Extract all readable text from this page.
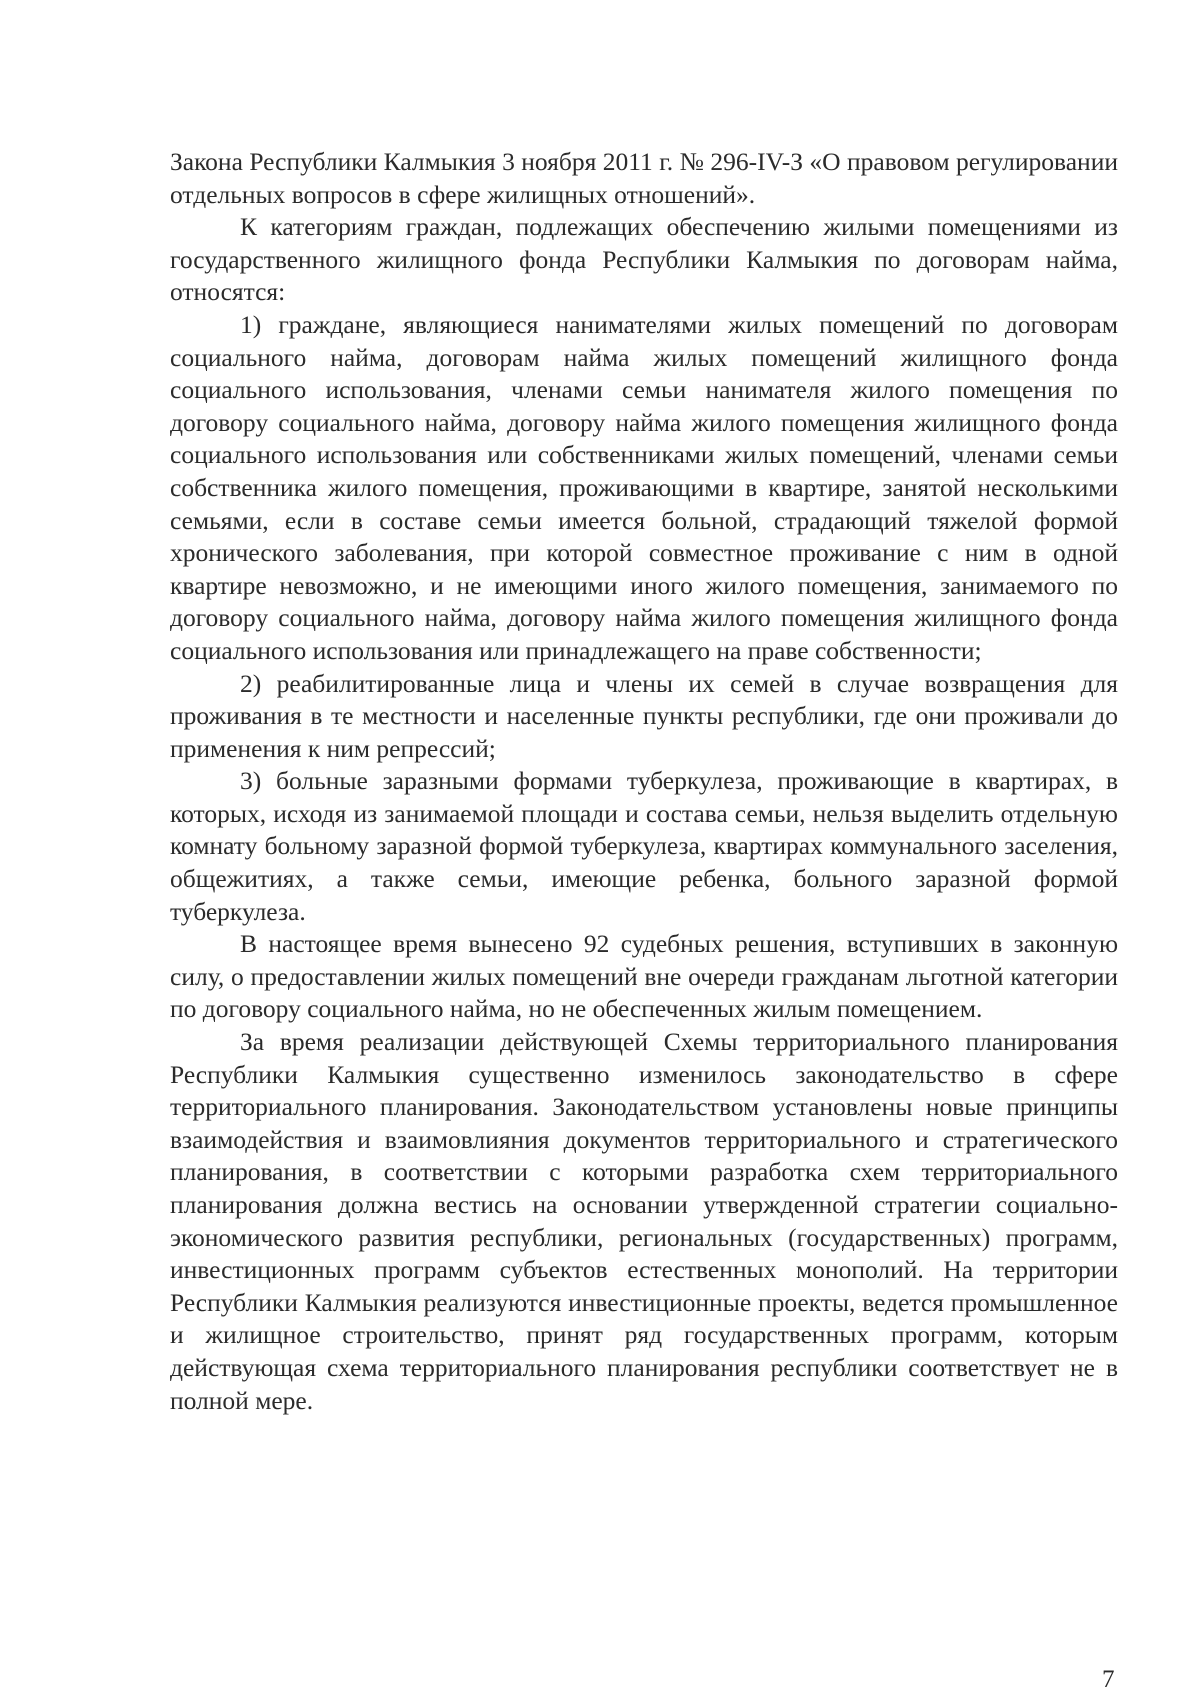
Закона Республики Калмыкия 3 ноября 2011 г. № 296-IV-З «О правовом регулировании отдельных вопросов в сфере жилищных отношений».

К категориям граждан, подлежащих обеспечению жилыми помещениями из государственного жилищного фонда Республики Калмыкия по договорам найма, относятся:

1) граждане, являющиеся нанимателями жилых помещений по договорам социального найма, договорам найма жилых помещений жилищного фонда социального использования, членами семьи нанимателя жилого помещения по договору социального найма, договору найма жилого помещения жилищного фонда социального использования или собственниками жилых помещений, членами семьи собственника жилого помещения, проживающими в квартире, занятой несколькими семьями, если в составе семьи имеется больной, страдающий тяжелой формой хронического заболевания, при которой совместное проживание с ним в одной квартире невозможно, и не имеющими иного жилого помещения, занимаемого по договору социального найма, договору найма жилого помещения жилищного фонда социального использования или принадлежащего на праве собственности;

2) реабилитированные лица и члены их семей в случае возвращения для проживания в те местности и населенные пункты республики, где они проживали до применения к ним репрессий;

3) больные заразными формами туберкулеза, проживающие в квартирах, в которых, исходя из занимаемой площади и состава семьи, нельзя выделить отдельную комнату больному заразной формой туберкулеза, квартирах коммунального заселения, общежитиях, а также семьи, имеющие ребенка, больного заразной формой туберкулеза.

В настоящее время вынесено 92 судебных решения, вступивших в законную силу, о предоставлении жилых помещений вне очереди гражданам льготной категории по договору социального найма, но не обеспеченных жилым помещением.

За время реализации действующей Схемы территориального планирования Республики Калмыкия существенно изменилось законодательство в сфере территориального планирования. Законодательством установлены новые принципы взаимодействия и взаимовлияния документов территориального и стратегического планирования, в соответствии с которыми разработка схем территориального планирования должна вестись на основании утвержденной стратегии социально-экономического развития республики, региональных (государственных) программ, инвестиционных программ субъектов естественных монополий. На территории Республики Калмыкия реализуются инвестиционные проекты, ведется промышленное и жилищное строительство, принят ряд государственных программ, которым действующая схема территориального планирования республики соответствует не в полной мере.

7
